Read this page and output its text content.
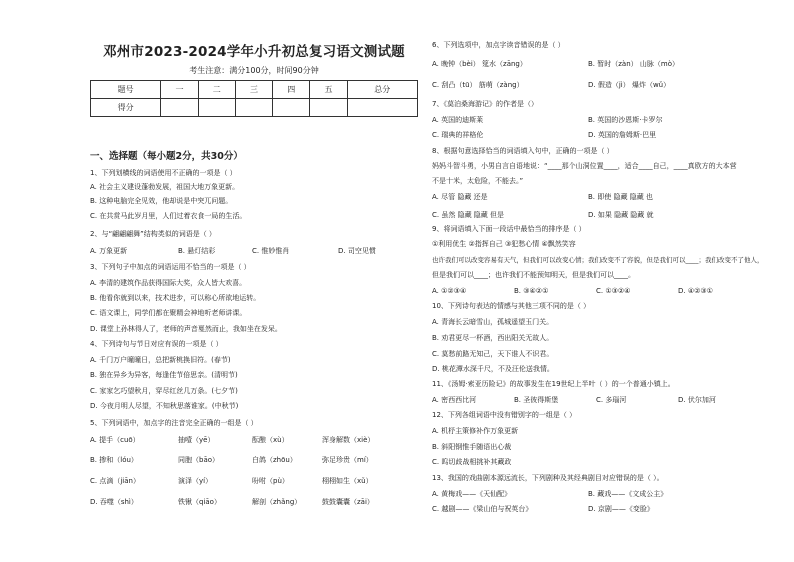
邓州市2023-2024学年小升初总复习语文测试题
考生注意：满分100分，时间90分钟
题号	一	二	三	四	五	总分
得分						
一、选择题（每小题2分，共30分）
1、下列划横线的词语使用不正确的一项是（ ）
A. 社会主义建设蓬勃发展，祖国大地万象更新。
B. 这种电脑完全见效，他却说是中突兀问题。
C. 在共赏马此岁月里，人们过着衣食一局的生活。
2、与“翩翩翩舞”结构类似的词语是（ ）
A. 万象更新	B. 悬灯结彩	C. 惟妙惟肖	D. 司空见惯
3、下列句子中加点的词语运用不恰当的一项是（ ）
A. 李清的建筑作品获得国际大奖，众人皆大欢喜。
B. 他看你就到以来，技术进步，可以称心所欲地运转。
C. 语文课上，同学们都在聚精会神地听老师讲课。
D. 课堂上孙林得人了，老师的声音戛然而止，我如坐在发呆。
4、下列诗句与节日对应有误的一项是（ ）
A. 千门万户曈曈日，总把新桃换旧符。(春节)
B. 独在异乡为异客，每逢佳节倍思亲。(清明节)
C. 家家乞巧望秋月，穿尽红丝几万条。(七夕节)
D. 今夜月明人尽望，不知秋思落谁家。(中秋节)
5、下列词语中，加点字的注音完全正确的一组是（ ）
A. 提手（cuō）	抽噎（yē）	酝酿（xù）	浑身解数（xiè）
B. 掺和（lóu）	同胞（bāo）	白鸽（zhōu）	弥足珍贵（mí）
C. 点滴（jiān）	演泽（yí）	吩咐（pù）	栩栩如生（xǔ）
D. 吞噬（shì）	铁锹（qiāo）	解剖（zhǎng）	鼓鼓囊囊（zāi）
6、下列选项中，加点字读音错误的是（ ）
A. 晚钟（bèi） 筵水（zāng）	B. 暂时（zàn） 山脉（mò）
C. 刮凸（tū） 筋萌（zàng）	D. 假造（jì） 爆炸（wǔ）
7、《莫泊桑海游记》的作者是（）
A. 英国的迪斯莱	B. 英国的沙恩斯·卡罗尔
C. 瑞典的祥格伦	D. 英国的詹姆斯·巴里
8、根据句意选择恰当的词语填入句中，正确的一项是（ ）
妈妈斗智斗勇，小男自言自语地说：“____那个山洞位置____，适合____自己，____真欧方的大本营
不是十米，太危险，不能去。”
A. 尽管 隐藏 还是	B. 即使 隐藏 隐藏 也
C. 虽然 隐藏 隐藏 但是	D. 如果 隐藏 隐藏 就
9、将词语填入下面一段话中最恰当的排序是（ ）
①利用优生 ②指挥自己 ③犯愁心情 ④飘然笑容
也许我们可以改变容易有天气，但我们可以改变心情；我们改变不了容貌，但是我们可以____；我们改变不了他人，
但是我们可以____；也许我们不能预知明天，但是我们可以____。
A. ①②③④	B. ③④②①	C. ①③②④	D. ④②③①
10、下列诗句表达的情感与其他三项不同的是（ ）
A. 青海长云暗雪山，孤城遥望玉门关。
B. 劝君更尽一杯酒，西出阳关无故人。
C. 莫愁前路无知己，天下谁人不识君。
D. 桃花潭水深千尺，不及汪伦送我情。
11、《汤姆·索亚历险记》的故事发生在19世纪上半叶（ ）的一个普通小镇上。
A. 密西西比河	B. 圣彼得斯堡	C. 多瑙河	D. 伏尔加河
12、下列各组词语中没有错别字的一组是（ ）
A. 机杼主策修补作万象更新
B. 斜阳钢惟手随语出心裁
C. 呜切歧战相挑补其藏政
13、我国的戏曲剧本源远流长，下列剧种及其经典剧目对应错误的是（ ）。
A. 黄梅戏——《天仙配》	B. 藏戏——《文成公主》
C. 越剧——《梁山伯与祝英台》	D. 京剧——《变脸》
